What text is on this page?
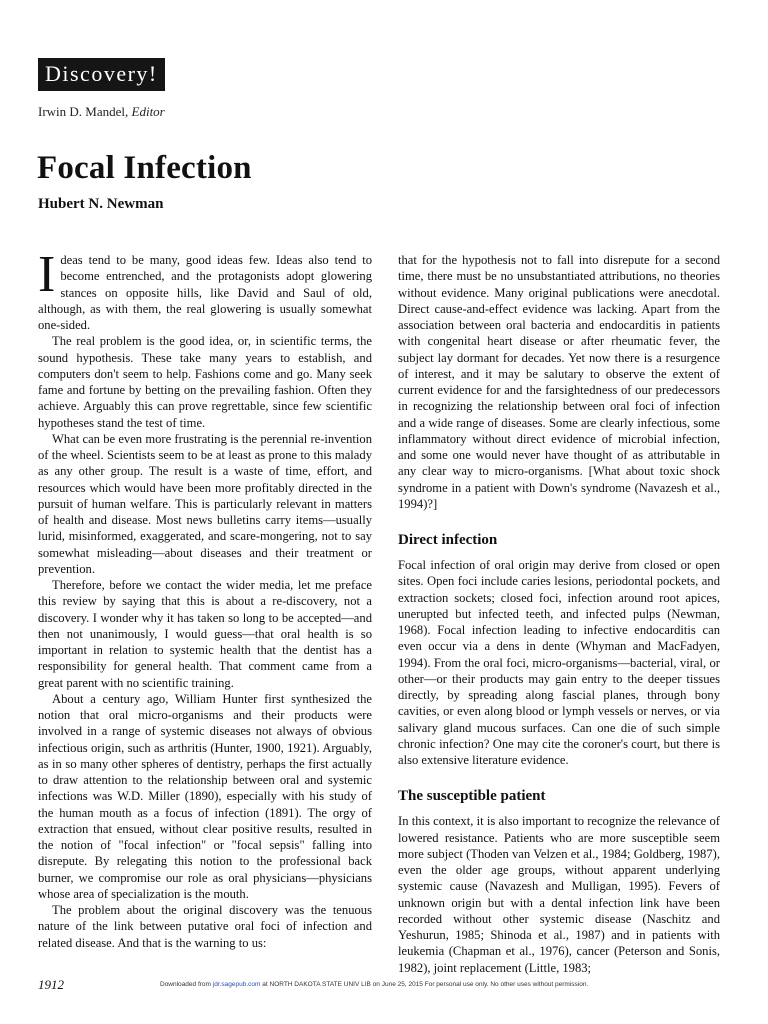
Discovery!
Irwin D. Mandel, Editor
Focal Infection
Hubert N. Newman

Ideas tend to be many, good ideas few. Ideas also tend to become entrenched, and the protagonists adopt glowering stances on opposite hills, like David and Saul of old, although, as with them, the real glowering is usually somewhat one-sided.

The real problem is the good idea, or, in scientific terms, the sound hypothesis. These take many years to establish, and computers don't seem to help. Fashions come and go. Many seek fame and fortune by betting on the prevailing fashion. Often they achieve. Arguably this can prove regrettable, since few scientific hypotheses stand the test of time.

What can be even more frustrating is the perennial re-invention of the wheel. Scientists seem to be at least as prone to this malady as any other group. The result is a waste of time, effort, and resources which would have been more profitably directed in the pursuit of human welfare. This is particularly relevant in matters of health and disease. Most news bulletins carry items—usually lurid, misinformed, exaggerated, and scare-mongering, not to say somewhat misleading—about diseases and their treatment or prevention.

Therefore, before we contact the wider media, let me preface this review by saying that this is about a re-discovery, not a discovery. I wonder why it has taken so long to be accepted—and then not unanimously, I would guess—that oral health is so important in relation to systemic health that the dentist has a responsibility for general health. That comment came from a great parent with no scientific training.

About a century ago, William Hunter first synthesized the notion that oral micro-organisms and their products were involved in a range of systemic diseases not always of obvious infectious origin, such as arthritis (Hunter, 1900, 1921). Arguably, as in so many other spheres of dentistry, perhaps the first actually to draw attention to the relationship between oral and systemic infections was W.D. Miller (1890), especially with his study of the human mouth as a focus of infection (1891). The orgy of extraction that ensued, without clear positive results, resulted in the notion of "focal infection" or "focal sepsis" falling into disrepute. By relegating this notion to the professional back burner, we compromise our role as oral physicians—physicians whose area of specialization is the mouth.

The problem about the original discovery was the tenuous nature of the link between putative oral foci of infection and related disease. And that is the warning to us:

that for the hypothesis not to fall into disrepute for a second time, there must be no unsubstantiated attributions, no theories without evidence. Many original publications were anecdotal. Direct cause-and-effect evidence was lacking. Apart from the association between oral bacteria and endocarditis in patients with congenital heart disease or after rheumatic fever, the subject lay dormant for decades. Yet now there is a resurgence of interest, and it may be salutary to observe the extent of current evidence for and the farsightedness of our predecessors in recognizing the relationship between oral foci of infection and a wide range of diseases. Some are clearly infectious, some inflammatory without direct evidence of microbial infection, and some one would never have thought of as attributable in any clear way to micro-organisms. [What about toxic shock syndrome in a patient with Down's syndrome (Navazesh et al., 1994)?]

Direct infection

Focal infection of oral origin may derive from closed or open sites. Open foci include caries lesions, periodontal pockets, and extraction sockets; closed foci, infection around root apices, unerupted but infected teeth, and infected pulps (Newman, 1968). Focal infection leading to infective endocarditis can even occur via a dens in dente (Whyman and MacFadyen, 1994). From the oral foci, micro-organisms—bacterial, viral, or other—or their products may gain entry to the deeper tissues directly, by spreading along fascial planes, through bony cavities, or even along blood or lymph vessels or nerves, or via salivary gland mucous surfaces. Can one die of such simple chronic infection? One may cite the coroner's court, but there is also extensive literature evidence.

The susceptible patient

In this context, it is also important to recognize the relevance of lowered resistance. Patients who are more susceptible seem more subject (Thoden van Velzen et al., 1984; Goldberg, 1987), even the older age groups, without apparent underlying systemic cause (Navazesh and Mulligan, 1995). Fevers of unknown origin but with a dental infection link have been recorded without other systemic disease (Naschitz and Yeshurun, 1985; Shinoda et al., 1987) and in patients with leukemia (Chapman et al., 1976), cancer (Peterson and Sonis, 1982), joint replacement (Little, 1983;

1912	Downloaded from jdr.sagepub.com at NORTH DAKOTA STATE UNIV LIB on June 25, 2015 For personal use only. No other uses without permission.
